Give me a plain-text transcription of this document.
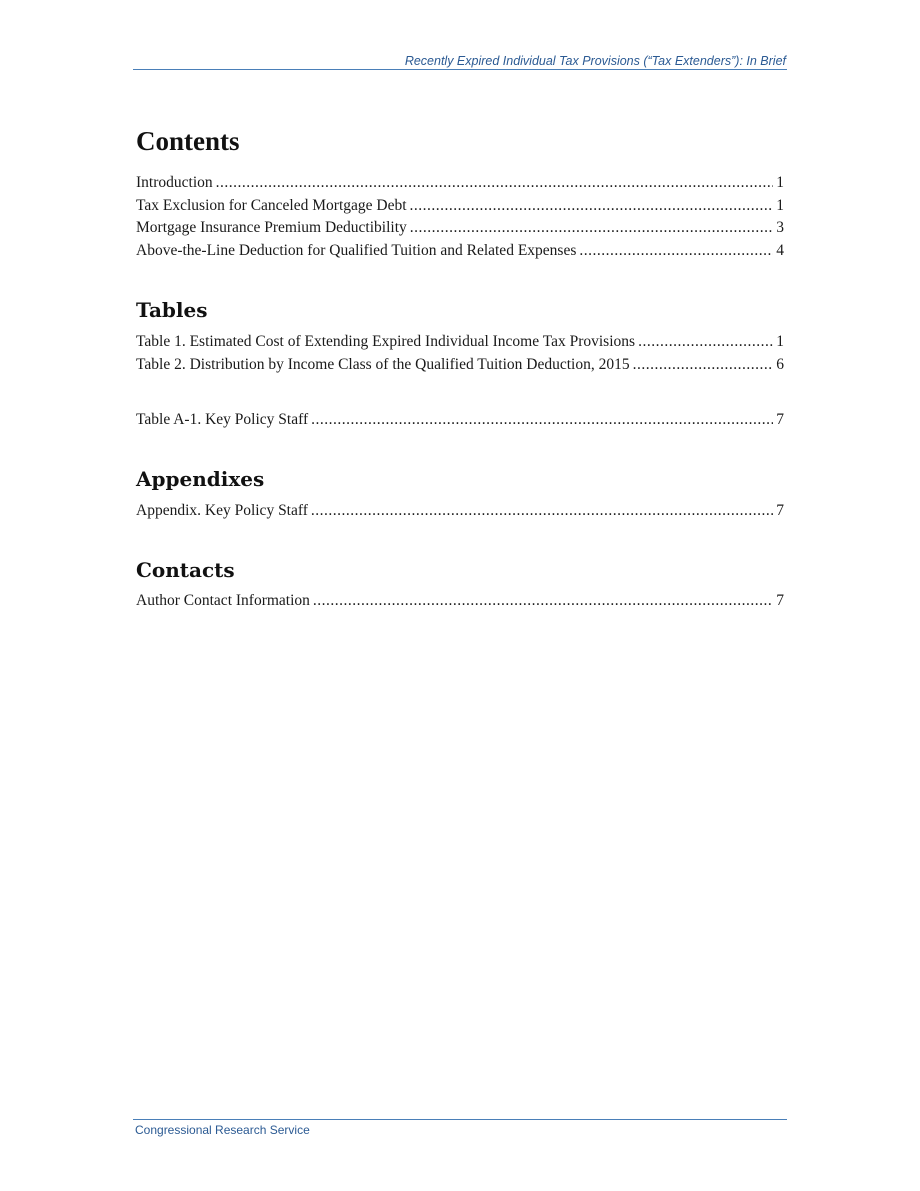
Recently Expired Individual Tax Provisions (“Tax Extenders”): In Brief
Contents
Introduction .....	1
Tax Exclusion for Canceled Mortgage Debt .....	1
Mortgage Insurance Premium Deductibility .....	3
Above-the-Line Deduction for Qualified Tuition and Related Expenses .....	4
Tables
Table 1. Estimated Cost of Extending Expired Individual Income Tax Provisions .....	1
Table 2. Distribution by Income Class of the Qualified Tuition Deduction, 2015 .....	6
Table A-1. Key Policy Staff .....	7
Appendixes
Appendix. Key Policy Staff .....	7
Contacts
Author Contact Information .....	7
Congressional Research Service
